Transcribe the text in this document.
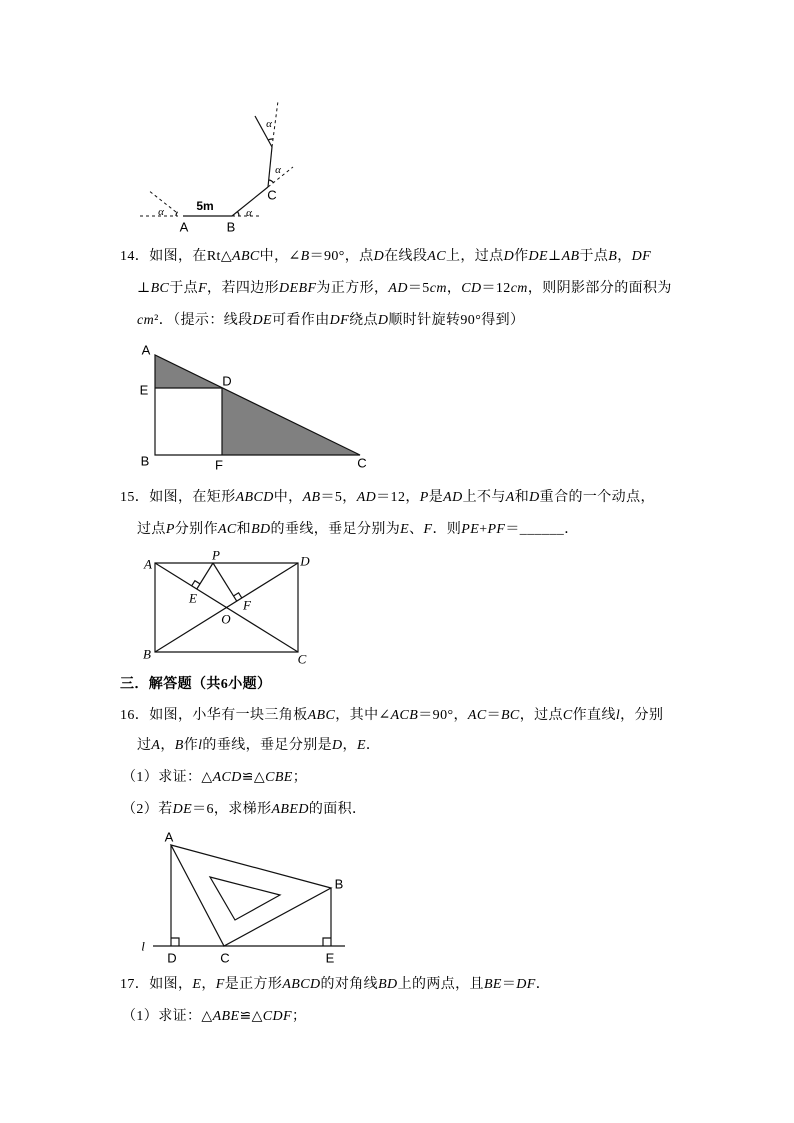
α	α
α
α
5m
A	B
C
14．如图，在Rt△ABC中，∠B＝90°，点D在线段AC上，过点D作DE⊥AB于点B，DF
⊥BC于点F，若四边形DEBF为正方形，AD＝5cm，CD＝12cm，则阴影部分的面积为
cm²．（提示：线段DE可看作由DF绕点D顺时针旋转90°得到）
A
E
D
B	F	C
15．如图，在矩形ABCD中，AB＝5，AD＝12，P是AD上不与A和D重合的一个动点，
过点P分别作AC和BD的垂线，垂足分别为E、F．则PE+PF＝______．
A	D
B	C
P
E	F
O
三．解答题（共6小题）
16．如图，小华有一块三角板ABC，其中∠ACB＝90°，AC＝BC，过点C作直线l，分别
过A，B作l的垂线，垂足分别是D，E．
（1）求证：△ACD≌△CBE；
（2）若DE＝6，求梯形ABED的面积．
A
B
C
D	E
l
17．如图，E，F是正方形ABCD的对角线BD上的两点，且BE＝DF．
（1）求证：△ABE≌△CDF；
